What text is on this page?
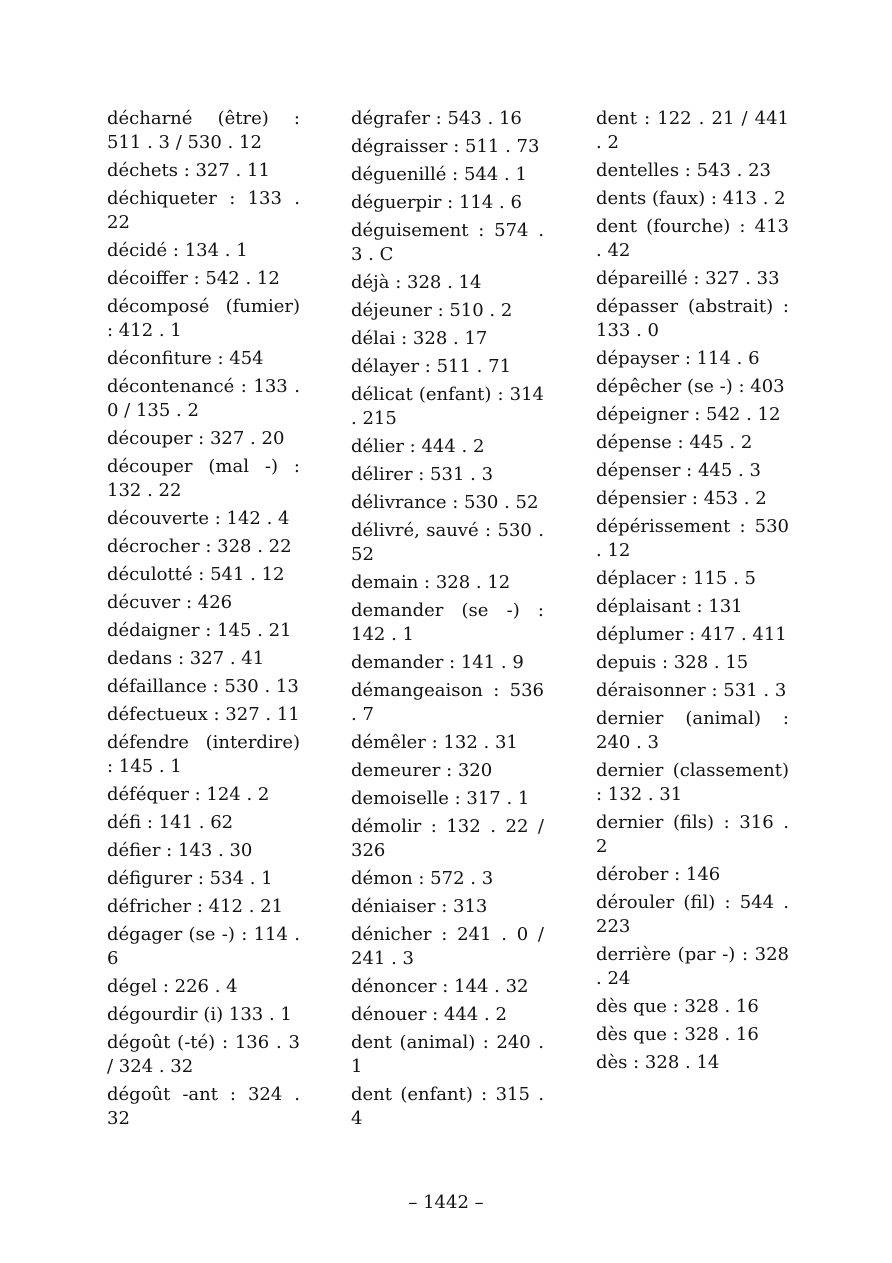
décharné (être) : 511 . 3 / 530 . 12

déchets : 327 . 11

déchiqueter : 133 . 22

décidé : 134 . 1

décoiffer : 542 . 12

décomposé (fumier) : 412 . 1

déconfiture : 454

décontenancé : 133 . 0 / 135 . 2

découper : 327 . 20

découper (mal -) : 132 . 22

découverte : 142 . 4

décrocher : 328 . 22

déculotté : 541 . 12

décuver : 426

dédaigner : 145 . 21

dedans : 327 . 41

défaillance : 530 . 13

défectueux : 327 . 11

défendre (interdire) : 145 . 1

déféquer : 124 . 2

défi : 141 . 62

défier : 143 . 30

défigurer : 534 . 1

défricher : 412 . 21

dégager (se -) : 114 . 6

dégel : 226 . 4

dégourdir (i) 133 . 1

dégoût (-té) : 136 . 3 / 324 . 32

dégoût -ant : 324 . 32

dégrafer : 543 . 16

dégraisser : 511 . 73

déguenillé : 544 . 1

déguerpir : 114 . 6

déguisement : 574 . 3 . C

déjà : 328 . 14

déjeuner : 510 . 2

délai : 328 . 17

délayer : 511 . 71

délicat (enfant) : 314 . 215

délier : 444 . 2

délirer : 531 . 3

délivrance : 530 . 52

délivré, sauvé : 530 . 52

demain : 328 . 12

demander (se -) : 142 . 1

demander : 141 . 9

démangeaison : 536 . 7

démêler : 132 . 31

demeurer : 320

demoiselle : 317 . 1

démolir : 132 . 22 / 326

démon : 572 . 3

déniaiser : 313

dénicher : 241 . 0 / 241 . 3

dénoncer : 144 . 32

dénouer : 444 . 2

dent (animal) : 240 . 1

dent (enfant) : 315 . 4

dent : 122 . 21 / 441 . 2

dentelles : 543 . 23

dents (faux) : 413 . 2

dent (fourche) : 413 . 42

dépareillé : 327 . 33

dépasser (abstrait) : 133 . 0

dépayser : 114 . 6

dépêcher (se -) : 403

dépeigner : 542 . 12

dépense : 445 . 2

dépenser : 445 . 3

dépensier : 453 . 2

dépérissement : 530 . 12

déplacer : 115 . 5

déplaisant : 131

déplumer : 417 . 411

depuis : 328 . 15

déraisonner : 531 . 3

dernier (animal) : 240 . 3

dernier (classement) : 132 . 31

dernier (fils) : 316 . 2

dérober : 146

dérouler (fil) : 544 . 223

derrière (par -) : 328 . 24

dès que : 328 . 16

dès que : 328 . 16

dès : 328 . 14

– 1442 –
